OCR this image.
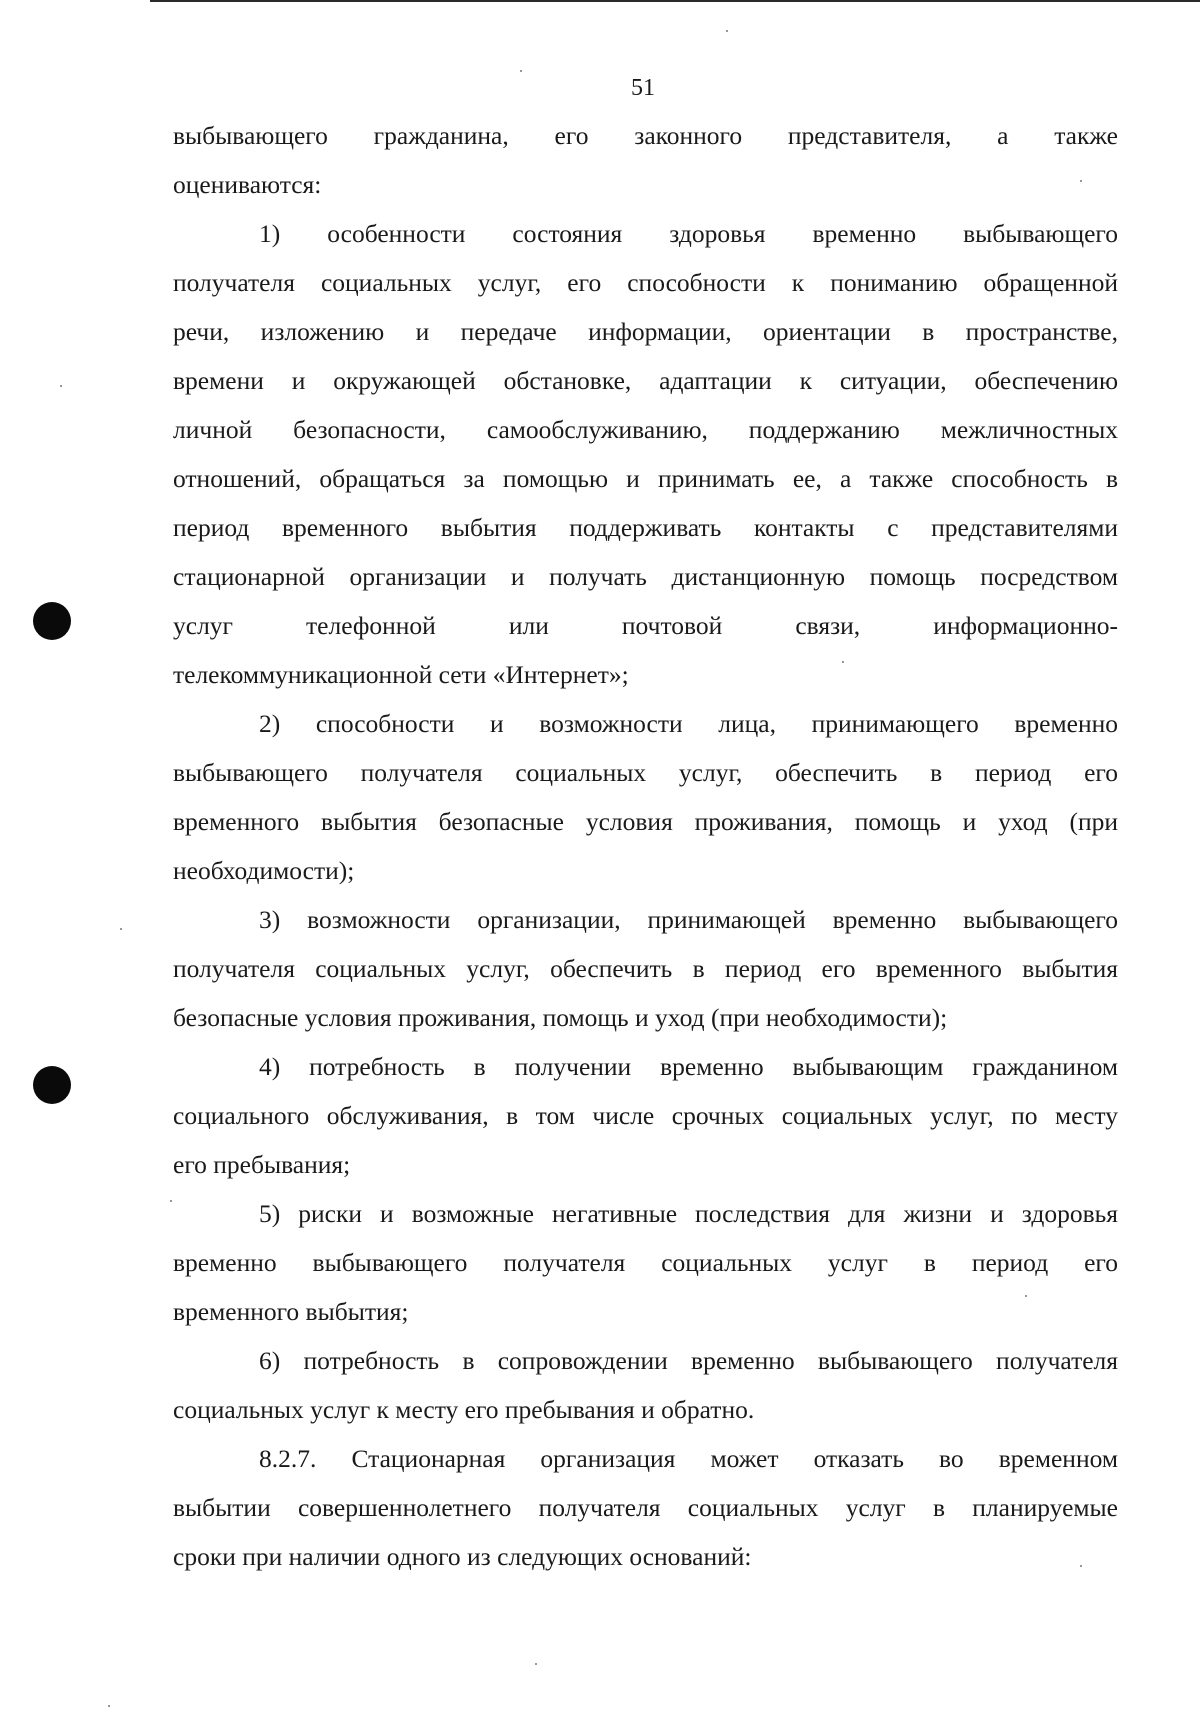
51

выбывающего гражданина, его законного представителя, а также

оцениваются:

1) особенности состояния здоровья временно выбывающего

получателя социальных услуг, его способности к пониманию обращенной

речи, изложению и передаче информации, ориентации в пространстве,

времени и окружающей обстановке, адаптации к ситуации, обеспечению

личной безопасности, самообслуживанию, поддержанию межличностных

отношений, обращаться за помощью и принимать ее, а также способность в

период временного выбытия поддерживать контакты с представителями

стационарной организации и получать дистанционную помощь посредством

услуг телефонной или почтовой связи, информационно-

телекоммуникационной сети «Интернет»;

2) способности и возможности лица, принимающего временно

выбывающего получателя социальных услуг, обеспечить в период его

временного выбытия безопасные условия проживания, помощь и уход (при

необходимости);

3) возможности организации, принимающей временно выбывающего

получателя социальных услуг, обеспечить в период его временного выбытия

безопасные условия проживания, помощь и уход (при необходимости);

4) потребность в получении временно выбывающим гражданином

социального обслуживания, в том числе срочных социальных услуг, по месту

его пребывания;

5) риски и возможные негативные последствия для жизни и здоровья

временно выбывающего получателя социальных услуг в период его

временного выбытия;

6) потребность в сопровождении временно выбывающего получателя

социальных услуг к месту его пребывания и обратно.

8.2.7. Стационарная организация может отказать во временном

выбытии совершеннолетнего получателя социальных услуг в планируемые

сроки при наличии одного из следующих оснований:
